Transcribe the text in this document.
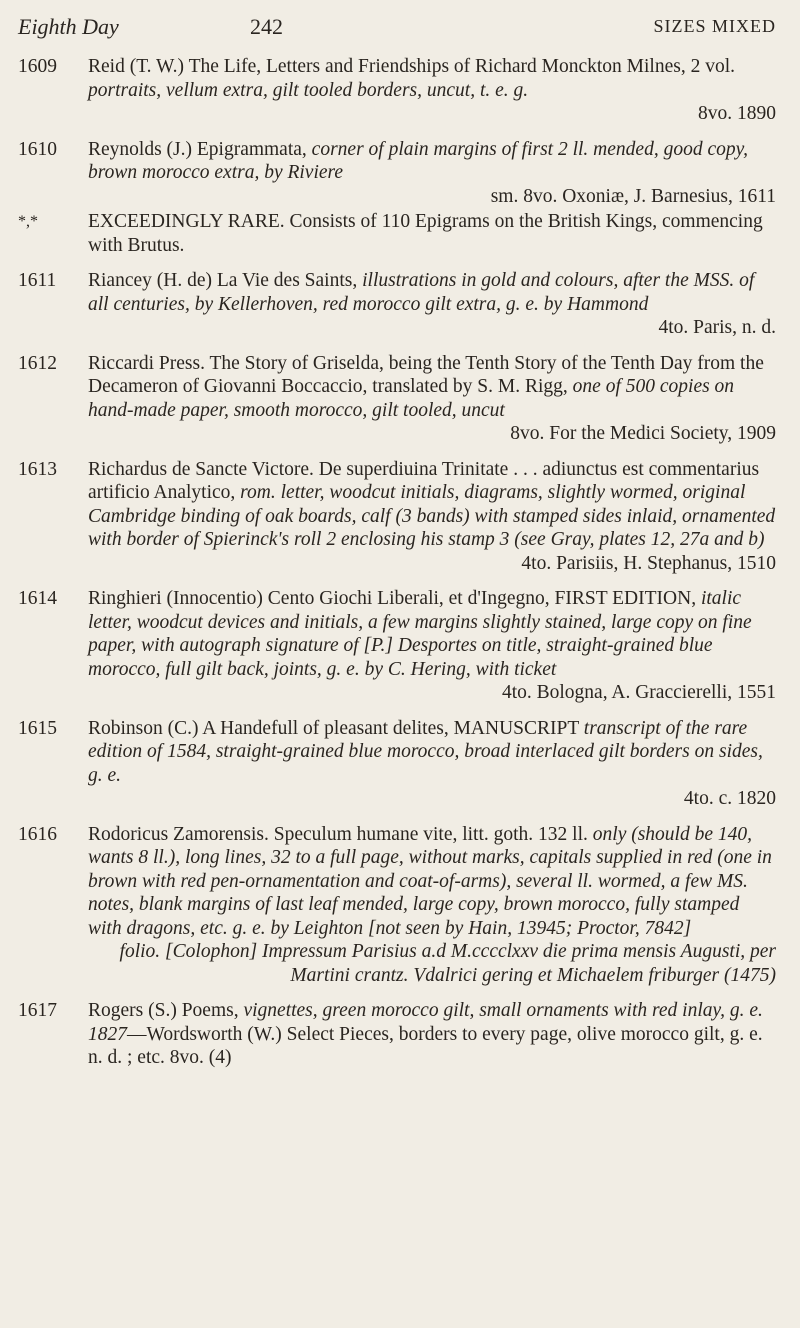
Eighth Day	242	SIZES MIXED
1609	Reid (T. W.) The Life, Letters and Friendships of Richard Monckton Milnes, 2 vol. portraits, vellum extra, gilt tooled borders, uncut, t. e. g.
8vo. 1890
1610	Reynolds (J.) Epigrammata, corner of plain margins of first 2 ll. mended, good copy, brown morocco extra, by Riviere
sm. 8vo. Oxoniæ, J. Barnesius, 1611
*,*	EXCEEDINGLY RARE. Consists of 110 Epigrams on the British Kings, commencing with Brutus.
1611	Riancey (H. de) La Vie des Saints, illustrations in gold and colours, after the MSS. of all centuries, by Kellerhoven, red morocco gilt extra, g. e. by Hammond
4to. Paris, n. d.
1612	Riccardi Press. The Story of Griselda, being the Tenth Story of the Tenth Day from the Decameron of Giovanni Boccaccio, translated by S. M. Rigg, one of 500 copies on hand-made paper, smooth morocco, gilt tooled, uncut
8vo. For the Medici Society, 1909
1613	Richardus de Sancte Victore. De superdiuina Trinitate . . . adiunctus est commentarius artificio Analytico, rom. letter, woodcut initials, diagrams, slightly wormed, original Cambridge binding of oak boards, calf (3 bands) with stamped sides inlaid, ornamented with border of Spierinck's roll 2 enclosing his stamp 3 (see Gray, plates 12, 27a and b)
4to. Parisiis, H. Stephanus, 1510
1614	Ringhieri (Innocentio) Cento Giochi Liberali, et d'Ingegno, FIRST EDITION, italic letter, woodcut devices and initials, a few margins slightly stained, large copy on fine paper, with autograph signature of [P.] Desportes on title, straight-grained blue morocco, full gilt back, joints, g. e. by C. Hering, with ticket
4to. Bologna, A. Graccierelli, 1551
1615	Robinson (C.) A Handefull of pleasant delites, MANUSCRIPT transcript of the rare edition of 1584, straight-grained blue morocco, broad interlaced gilt borders on sides, g. e.
4to. c. 1820
1616	Rodoricus Zamorensis. Speculum humane vite, litt. goth. 132 ll. only (should be 140, wants 8 ll.), long lines, 32 to a full page, without marks, capitals supplied in red (one in brown with red pen-ornamentation and coat-of-arms), several ll. wormed, a few MS. notes, blank margins of last leaf mended, large copy, brown morocco, fully stamped with dragons, etc. g. e. by Leighton [not seen by Hain, 13945; Proctor, 7842]
folio. [Colophon] Impressum Parisius a.d M.cccclxxv die prima mensis Augusti, per Martini crantz. Vdalrici gering et Michaelem friburger (1475)
1617	Rogers (S.) Poems, vignettes, green morocco gilt, small ornaments with red inlay, g. e. 1827—Wordsworth (W.) Select Pieces, borders to every page, olive morocco gilt, g. e. n. d. ; etc. 8vo. (4)
